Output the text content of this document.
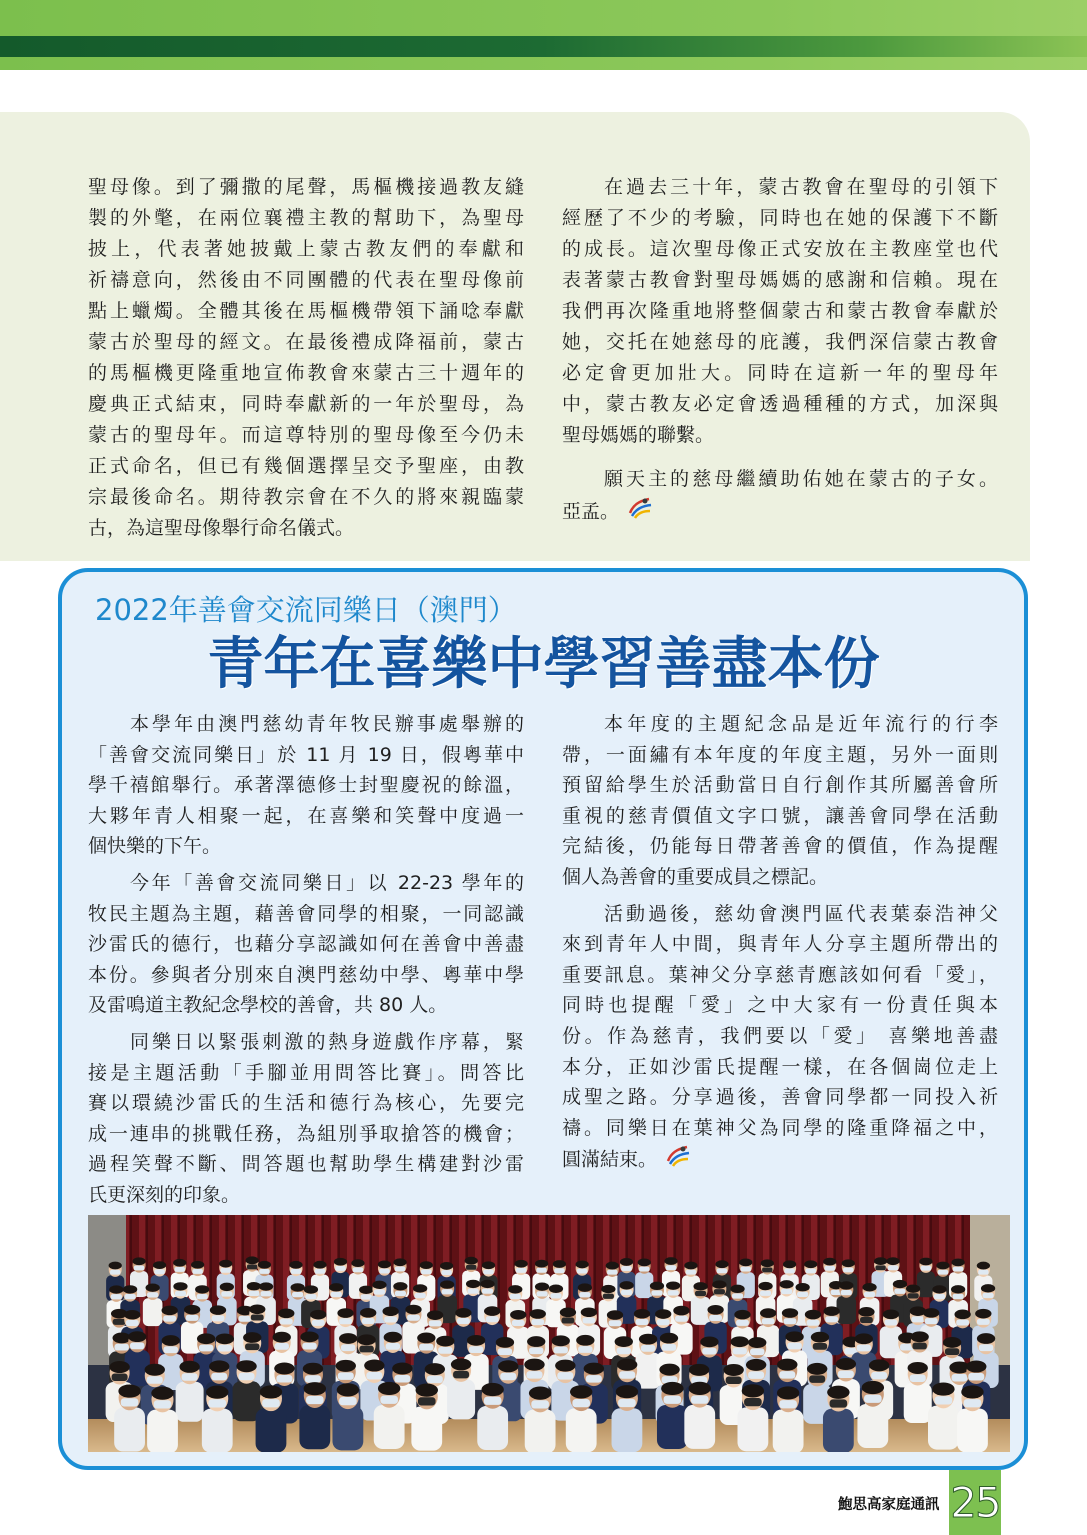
聖母像。到了彌撒的尾聲，馬樞機接過教友縫
製的外氅，在兩位襄禮主教的幫助下，為聖母
披上，代表著她披戴上蒙古教友們的奉獻和
祈禱意向，然後由不同團體的代表在聖母像前
點上蠟燭。全體其後在馬樞機帶領下誦唸奉獻
蒙古於聖母的經文。在最後禮成降福前，蒙古
的馬樞機更隆重地宣佈教會來蒙古三十週年的
慶典正式結束，同時奉獻新的一年於聖母，為
蒙古的聖母年。而這尊特別的聖母像至今仍未
正式命名，但已有幾個選擇呈交予聖座，由教
宗最後命名。期待教宗會在不久的將來親臨蒙
古，為這聖母像舉行命名儀式。
在過去三十年，蒙古教會在聖母的引領下
經歷了不少的考驗，同時也在她的保護下不斷
的成長。這次聖母像正式安放在主教座堂也代
表著蒙古教會對聖母媽媽的感謝和信賴。現在
我們再次隆重地將整個蒙古和蒙古教會奉獻於
她，交托在她慈母的庇護，我們深信蒙古教會
必定會更加壯大。同時在這新一年的聖母年
中，蒙古教友必定會透過種種的方式，加深與
聖母媽媽的聯繫。
願天主的慈母繼續助佑她在蒙古的子女。
亞孟。
2022年善會交流同樂日（澳門）
青年在喜樂中學習善盡本份
本學年由澳門慈幼青年牧民辦事處舉辦的
「善會交流同樂日」於 11 月 19 日，假粵華中
學千禧館舉行。承著澤德修士封聖慶祝的餘溫，
大夥年青人相聚一起，在喜樂和笑聲中度過一
個快樂的下午。
今年「善會交流同樂日」以 22-23 學年的
牧民主題為主題，藉善會同學的相聚，一同認識
沙雷氏的德行，也藉分享認識如何在善會中善盡
本份。參與者分別來自澳門慈幼中學、粵華中學
及雷鳴道主教紀念學校的善會，共 80 人。
同樂日以緊張刺激的熱身遊戲作序幕，緊
接是主題活動「手腳並用問答比賽」。問答比
賽以環繞沙雷氏的生活和德行為核心，先要完
成一連串的挑戰任務，為組別爭取搶答的機會；
過程笑聲不斷、問答題也幫助學生構建對沙雷
氏更深刻的印象。
本年度的主題紀念品是近年流行的行李
帶，一面繡有本年度的年度主題，另外一面則
預留給學生於活動當日自行創作其所屬善會所
重視的慈青價值文字口號，讓善會同學在活動
完結後，仍能每日帶著善會的價值，作為提醒
個人為善會的重要成員之標記。
活動過後，慈幼會澳門區代表葉泰浩神父
來到青年人中間，與青年人分享主題所帶出的
重要訊息。葉神父分享慈青應該如何看「愛」，
同時也提醒「愛」之中大家有一份責任與本
份。作為慈青，我們要以「愛」 喜樂地善盡
本分，正如沙雷氏提醒一樣，在各個崗位走上
成聖之路。分享過後，善會同學都一同投入祈
禱。同樂日在葉神父為同學的隆重降福之中，
圓滿結束。
鮑思高家庭通訊 25
